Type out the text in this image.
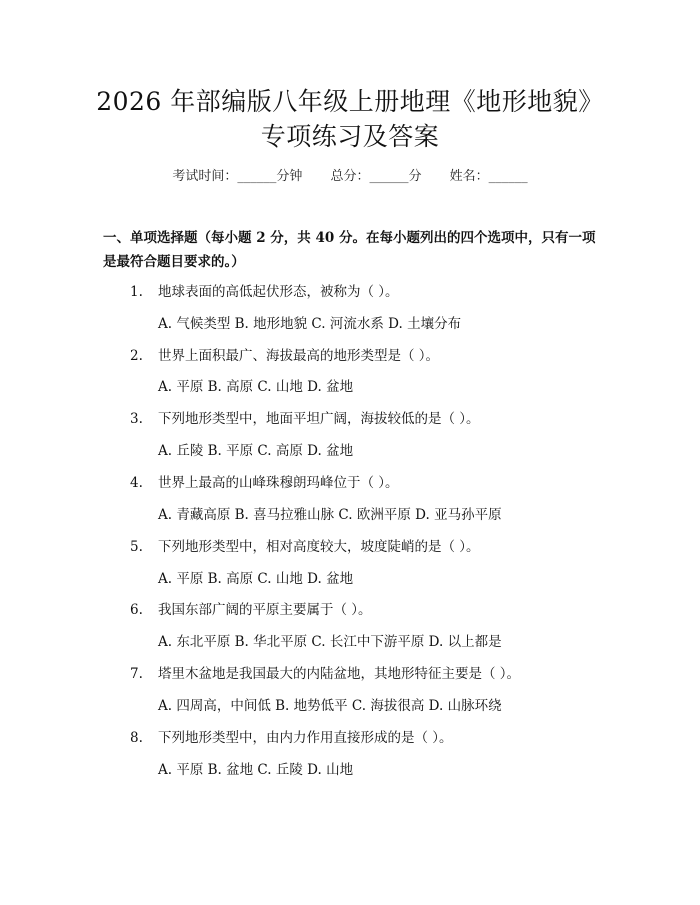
2026 年部编版八年级上册地理《地形地貌》
专项练习及答案
考试时间：______分钟 总分：______分 姓名：______
一、单项选择题（每小题 2 分，共 40 分。在每小题列出的四个选项中，只有一项是最符合题目要求的。）
1. 地球表面的高低起伏形态，被称为（ ）。
A. 气候类型 B. 地形地貌 C. 河流水系 D. 土壤分布
2. 世界上面积最广、海拔最高的地形类型是（ ）。
A. 平原 B. 高原 C. 山地 D. 盆地
3. 下列地形类型中，地面平坦广阔，海拔较低的是（ ）。
A. 丘陵 B. 平原 C. 高原 D. 盆地
4. 世界上最高的山峰珠穆朗玛峰位于（ ）。
A. 青藏高原 B. 喜马拉雅山脉 C. 欧洲平原 D. 亚马孙平原
5. 下列地形类型中，相对高度较大，坡度陡峭的是（ ）。
A. 平原 B. 高原 C. 山地 D. 盆地
6. 我国东部广阔的平原主要属于（ ）。
A. 东北平原 B. 华北平原 C. 长江中下游平原 D. 以上都是
7. 塔里木盆地是我国最大的内陆盆地，其地形特征主要是（ ）。
A. 四周高，中间低 B. 地势低平 C. 海拔很高 D. 山脉环绕
8. 下列地形类型中，由内力作用直接形成的是（ ）。
A. 平原 B. 盆地 C. 丘陵 D. 山地
